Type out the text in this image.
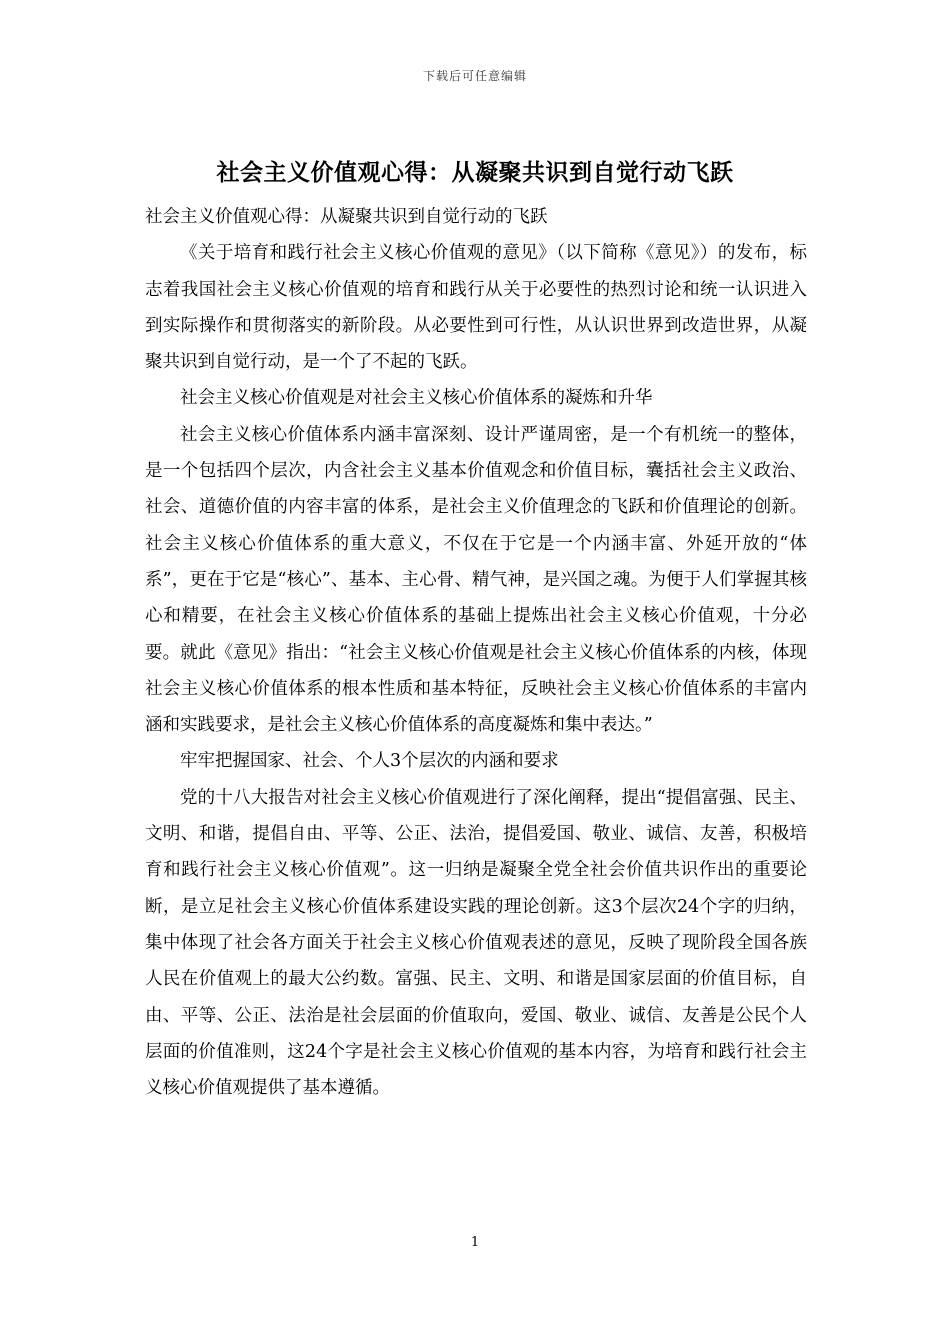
下载后可任意编辑
社会主义价值观心得：从凝聚共识到自觉行动飞跃

社会主义价值观心得：从凝聚共识到自觉行动的飞跃

《关于培育和践行社会主义核心价值观的意见》（以下简称《意见》）的发布，标志着我国社会主义核心价值观的培育和践行从关于必要性的热烈讨论和统一认识进入到实际操作和贯彻落实的新阶段。从必要性到可行性，从认识世界到改造世界，从凝聚共识到自觉行动，是一个了不起的飞跃。

社会主义核心价值观是对社会主义核心价值体系的凝炼和升华

社会主义核心价值体系内涵丰富深刻、设计严谨周密，是一个有机统一的整体，是一个包括四个层次，内含社会主义基本价值观念和价值目标，囊括社会主义政治、社会、道德价值的内容丰富的体系，是社会主义价值理念的飞跃和价值理论的创新。社会主义核心价值体系的重大意义，不仅在于它是一个内涵丰富、外延开放的“体系”，更在于它是“核心”、基本、主心骨、精气神，是兴国之魂。为便于人们掌握其核心和精要，在社会主义核心价值体系的基础上提炼出社会主义核心价值观，十分必要。就此《意见》指出：“社会主义核心价值观是社会主义核心价值体系的内核，体现社会主义核心价值体系的根本性质和基本特征，反映社会主义核心价值体系的丰富内涵和实践要求，是社会主义核心价值体系的高度凝炼和集中表达。”

牢牢把握国家、社会、个人3个层次的内涵和要求

党的十八大报告对社会主义核心价值观进行了深化阐释，提出“提倡富强、民主、文明、和谐，提倡自由、平等、公正、法治，提倡爱国、敬业、诚信、友善，积极培育和践行社会主义核心价值观”。这一归纳是凝聚全党全社会价值共识作出的重要论断，是立足社会主义核心价值体系建设实践的理论创新。这3个层次24个字的归纳，集中体现了社会各方面关于社会主义核心价值观表述的意见，反映了现阶段全国各族人民在价值观上的最大公约数。富强、民主、文明、和谐是国家层面的价值目标，自由、平等、公正、法治是社会层面的价值取向，爱国、敬业、诚信、友善是公民个人层面的价值准则，这24个字是社会主义核心价值观的基本内容，为培育和践行社会主义核心价值观提供了基本遵循。

1
